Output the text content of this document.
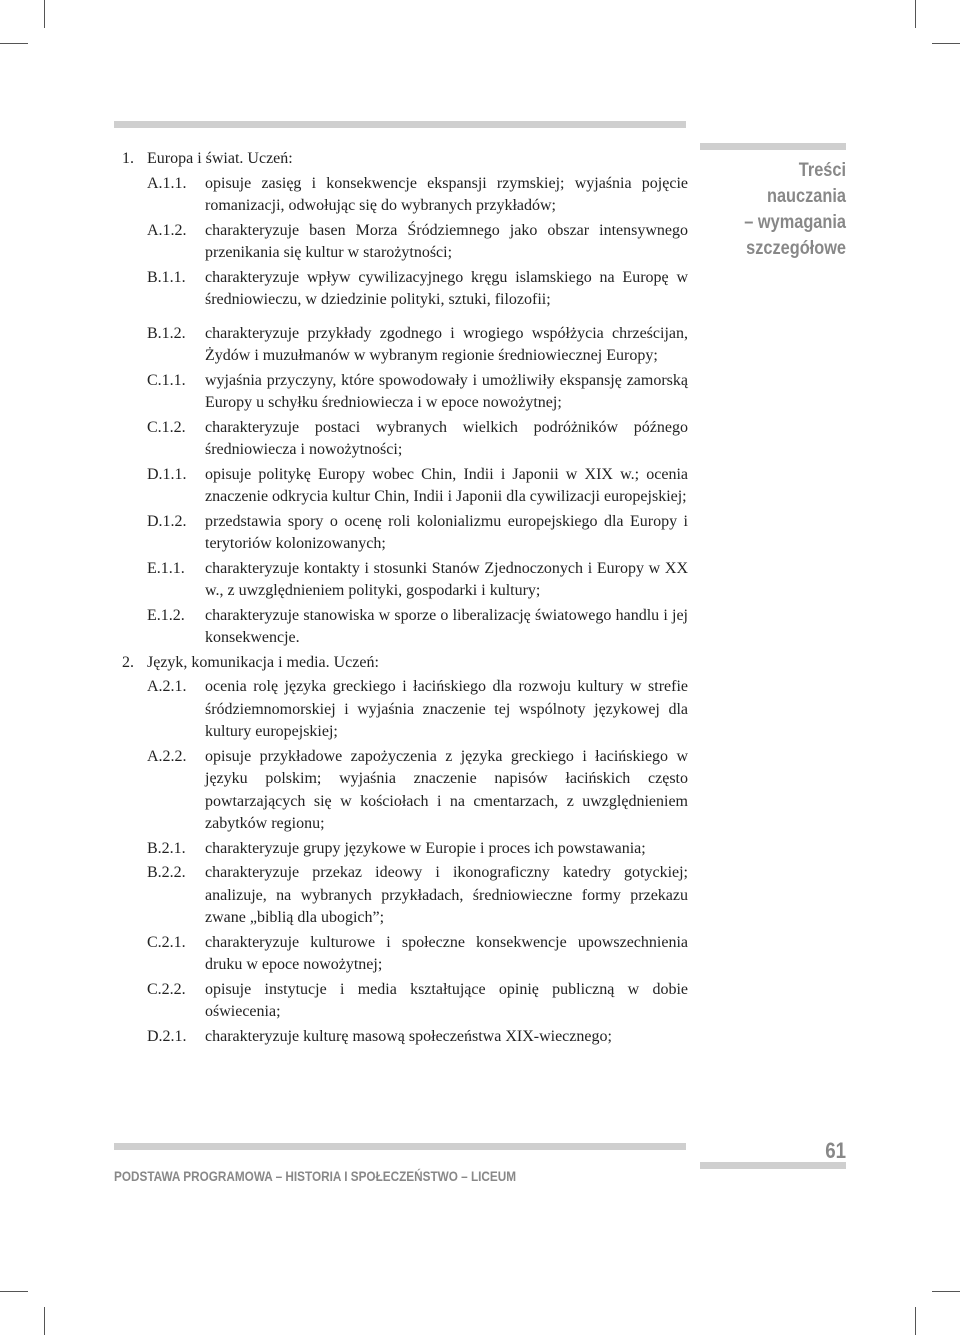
Treści nauczania
– wymagania
szczegółowe
1. Europa i świat. Uczeń:
A.1.1.	opisuje zasięg i konsekwencje ekspansji rzymskiej; wyjaśnia pojęcie romanizacji, odwołując się do wybranych przykładów;
A.1.2.	charakteryzuje basen Morza Śródziemnego jako obszar intensywnego przenikania się kultur w starożytności;
B.1.1.	charakteryzuje wpływ cywilizacyjnego kręgu islamskiego na Europę w średniowieczu, w dziedzinie polityki, sztuki, filozofii;
B.1.2.	charakteryzuje przykłady zgodnego i wrogiego współżycia chrześcijan, Żydów i muzułmanów w wybranym regionie średniowiecznej Europy;
C.1.1.	wyjaśnia przyczyny, które spowodowały i umożliwiły ekspansję zamorską Europy u schyłku średniowiecza i w epoce nowożytnej;
C.1.2.	charakteryzuje postaci wybranych wielkich podróżników późnego średniowiecza i nowożytności;
D.1.1.	opisuje politykę Europy wobec Chin, Indii i Japonii w XIX w.; ocenia znaczenie odkrycia kultur Chin, Indii i Japonii dla cywilizacji europejskiej;
D.1.2.	przedstawia spory o ocenę roli kolonializmu europejskiego dla Europy i terytoriów kolonizowanych;
E.1.1.	charakteryzuje kontakty i stosunki Stanów Zjednoczonych i Europy w XX w., z uwzględnieniem polityki, gospodarki i kultury;
E.1.2.	charakteryzuje stanowiska w sporze o liberalizację światowego handlu i jej konsekwencje.
2. Język, komunikacja i media. Uczeń:
A.2.1.	ocenia rolę języka greckiego i łacińskiego dla rozwoju kultury w strefie śródziemnomorskiej i wyjaśnia znaczenie tej wspólnoty językowej dla kultury europejskiej;
A.2.2.	opisuje przykładowe zapożyczenia z języka greckiego i łacińskiego w języku polskim; wyjaśnia znaczenie napisów łacińskich często powtarzających się w kościołach i na cmentarzach, z uwzględnieniem zabytków regionu;
B.2.1.	charakteryzuje grupy językowe w Europie i proces ich powstawania;
B.2.2.	charakteryzuje przekaz ideowy i ikonograficzny katedry gotyckiej; analizuje, na wybranych przykładach, średniowieczne formy przekazu zwane „biblią dla ubogich”;
C.2.1.	charakteryzuje kulturowe i społeczne konsekwencje upowszechnienia druku w epoce nowożytnej;
C.2.2.	opisuje instytucje i media kształtujące opinię publiczną w dobie oświecenia;
D.2.1.	charakteryzuje kulturę masową społeczeństwa XIX-wiecznego;
PODSTAWA PROGRAMOWA – HISTORIA I SPOŁECZEŃSTWO – LICEUM
61
